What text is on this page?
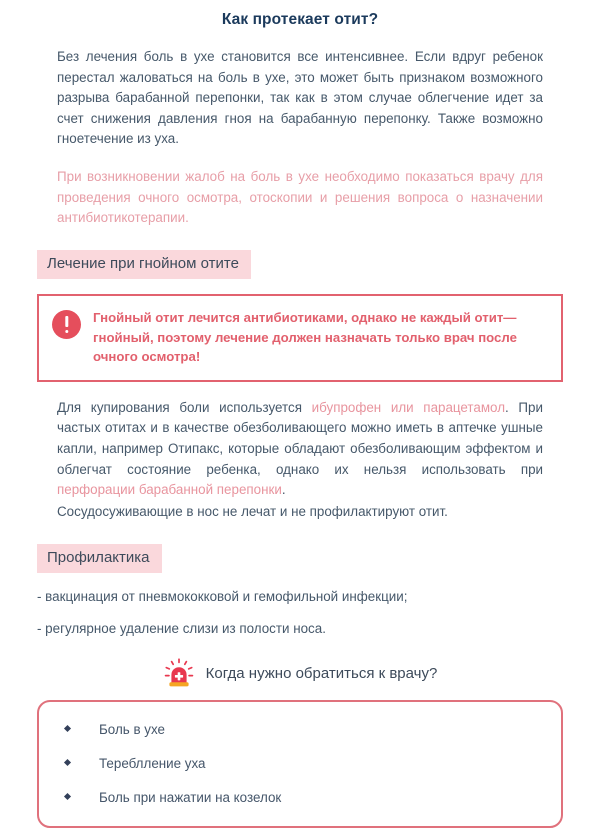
Как протекает отит?

Без лечения боль в ухе становится все интенсивнее. Если вдруг ребенок перестал жаловаться на боль в ухе, это может быть признаком возможного разрыва барабанной перепонки, так как в этом случае облегчение идет за счет снижения давления гноя на барабанную перепонку. Также возможно гноетечение из уха.

При возникновении жалоб на боль в ухе необходимо показаться врачу для проведения очного осмотра, отоскопии и решения вопроса о назначении антибиотикотерапии.

Лечение при гнойном отите
Гнойный отит лечится антибиотиками, однако не каждый отит—гнойный, поэтому лечение должен назначать только врач после очного осмотра!

Для купирования боли используется ибупрофен или парацетамол. При частых отитах и в качестве обезболивающего можно иметь в аптечке ушные капли, например Отипакс, которые обладают обезболивающим эффектом и облегчат состояние ребенка, однако их нельзя использовать при перфорации барабанной перепонки.

Сосудосуживающие в нос не лечат и не профилактируют отит.

Профилактика
- вакцинация от пневмококковой и гемофильной инфекции;
- регулярное удаление слизи из полости носа.
Когда нужно обратиться к врачу?
Боль в ухе
Тереблление уха
Боль при нажатии на козелок
